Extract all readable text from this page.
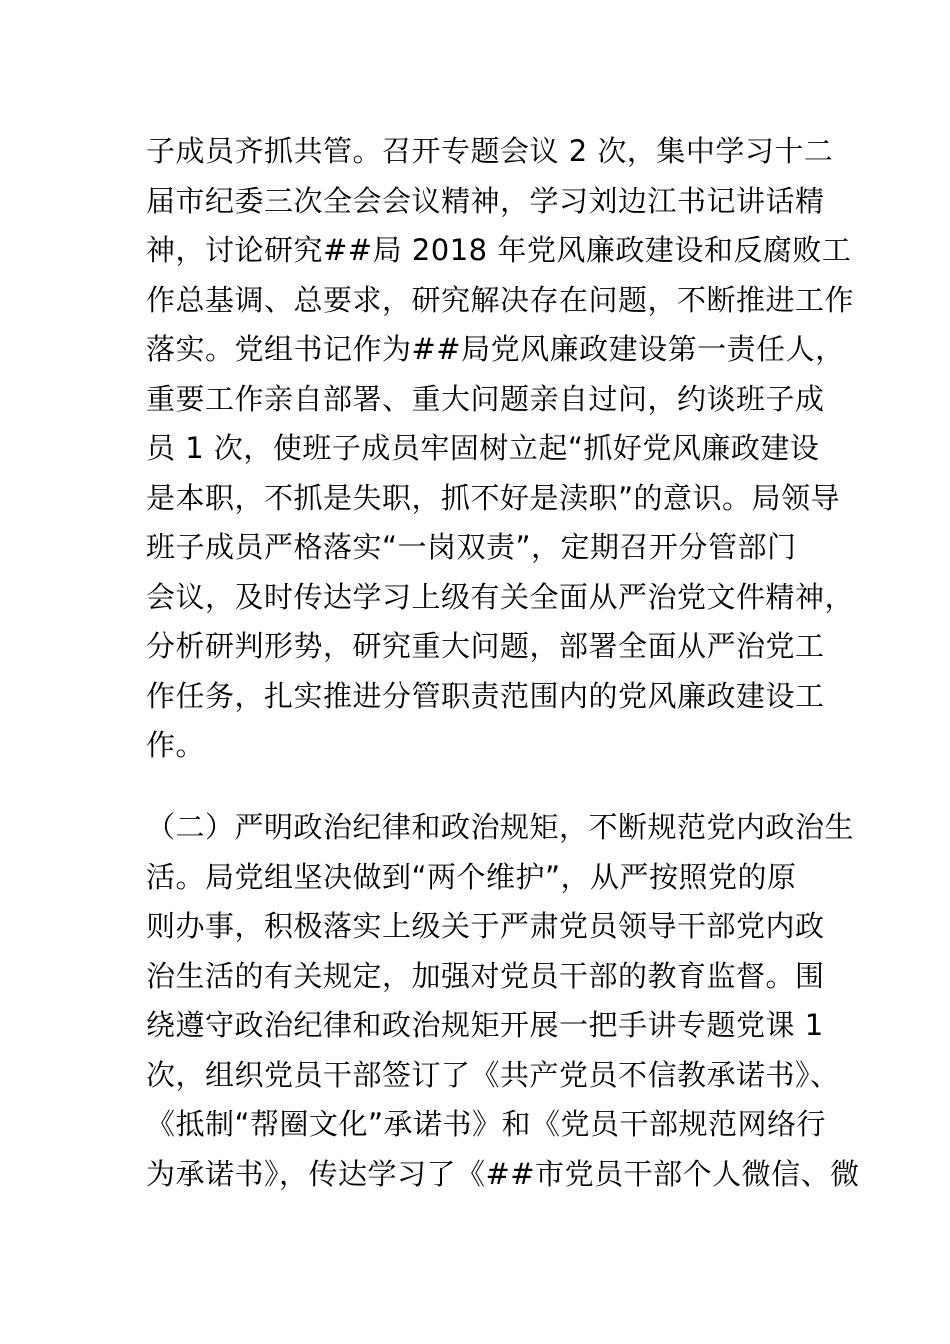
子成员齐抓共管。召开专题会议 2 次，集中学习十二
届市纪委三次全会会议精神，学习刘边江书记讲话精
神，讨论研究##局 2018 年党风廉政建设和反腐败工
作总基调、总要求，研究解决存在问题，不断推进工作
落实。党组书记作为##局党风廉政建设第一责任人，
重要工作亲自部署、重大问题亲自过问，约谈班子成
员 1 次，使班子成员牢固树立起“抓好党风廉政建设
是本职，不抓是失职，抓不好是渎职”的意识。局领导
班子成员严格落实“一岗双责”，定期召开分管部门
会议，及时传达学习上级有关全面从严治党文件精神，
分析研判形势，研究重大问题，部署全面从严治党工
作任务，扎实推进分管职责范围内的党风廉政建设工
作。
（二）严明政治纪律和政治规矩，不断规范党内政治生
活。局党组坚决做到“两个维护”，从严按照党的原
则办事，积极落实上级关于严肃党员领导干部党内政
治生活的有关规定，加强对党员干部的教育监督。围
绕遵守政治纪律和政治规矩开展一把手讲专题党课 1
次，组织党员干部签订了《共产党员不信教承诺书》、
《抵制“帮圈文化”承诺书》和《党员干部规范网络行
为承诺书》，传达学习了《##市党员干部个人微信、微
